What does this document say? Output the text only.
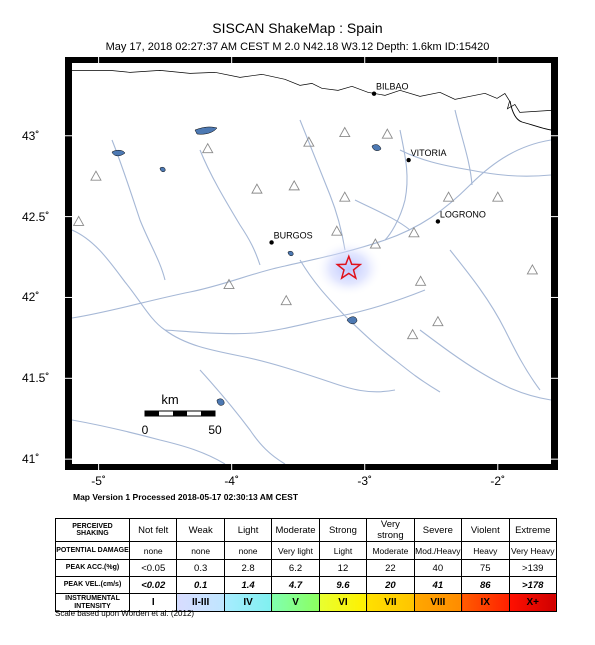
SISCAN ShakeMap : Spain
May 17, 2018 02:27:37 AM CEST M 2.0 N42.18 W3.12 Depth: 1.6km ID:15420
BILBAO
VITORIA
LOGRONO
BURGOS
km
0	50
43˚
42.5˚
42˚
41.5˚
41˚
-5˚	-4˚	-3˚	-2˚
Map Version 1 Processed 2018-05-17 02:30:13 AM CEST
PERCEIVED SHAKING	Not felt	Weak	Light	Moderate	Strong	Very strong	Severe	Violent	Extreme
POTENTIAL DAMAGE	none	none	none	Very light	Light	Moderate	Mod./Heavy	Heavy	Very Heavy
PEAK ACC.(%g)	<0.05	0.3	2.8	6.2	12	22	40	75	>139
PEAK VEL.(cm/s)	<0.02	0.1	1.4	4.7	9.6	20	41	86	>178
INSTRUMENTAL INTENSITY	I	II-III	IV	V	VI	VII	VIII	IX	X+
Scale based upon Worden et al. (2012)
